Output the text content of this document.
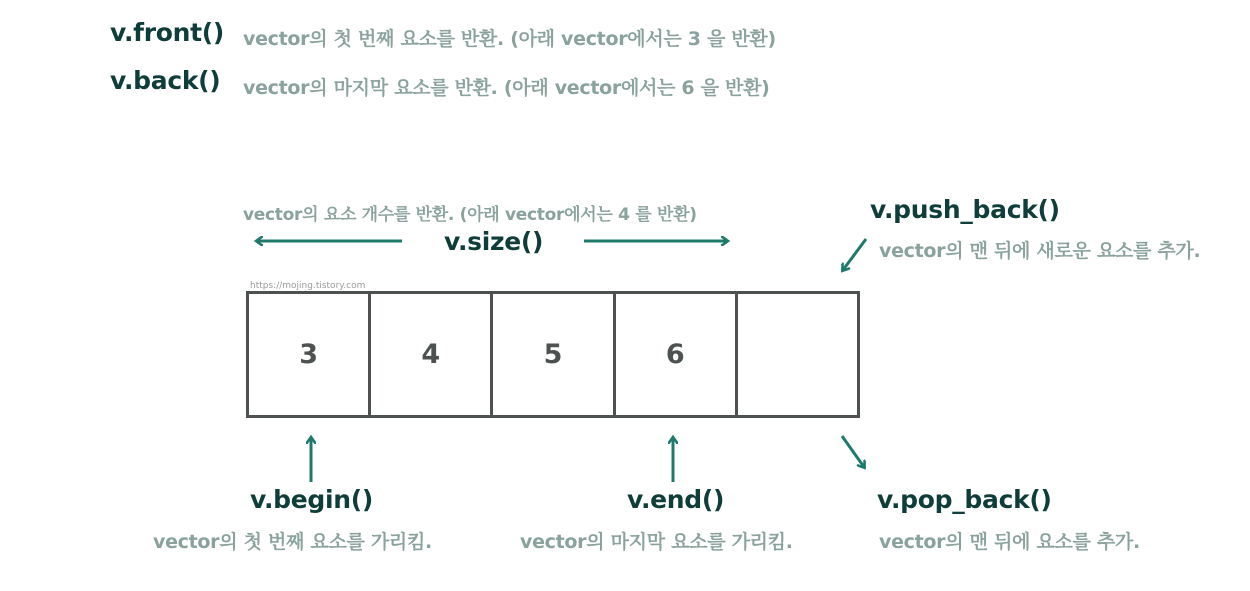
v.front() vector의 첫 번째 요소를 반환. (아래 vector에서는 3 을 반환)
v.back() vector의 마지막 요소를 반환. (아래 vector에서는 6 을 반환)
vector의 요소 개수를 반환. (아래 vector에서는 4 를 반환)
v.size()
v.push_back()
vector의 맨 뒤에 새로운 요소를 추가.
https://mojing.tistory.com
3	4	5	6
v.begin()
vector의 첫 번째 요소를 가리킴.
v.end()
vector의 마지막 요소를 가리킴.
v.pop_back()
vector의 맨 뒤에 요소를 추가.
